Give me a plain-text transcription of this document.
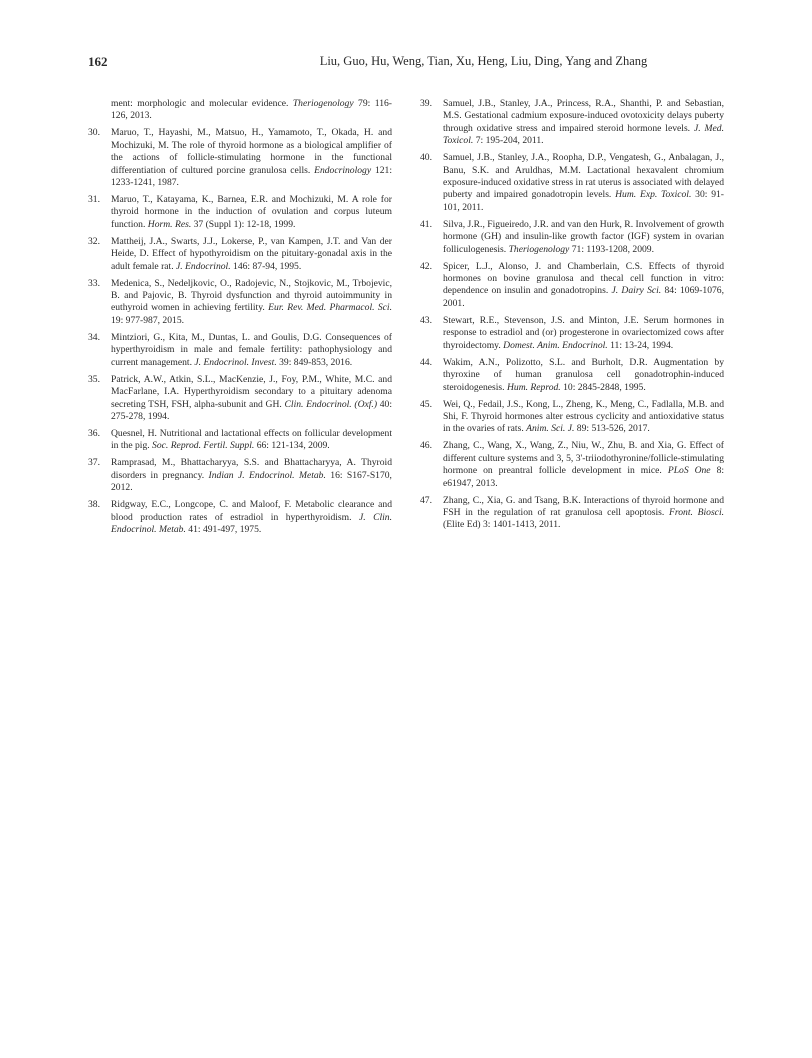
162	Liu, Guo, Hu, Weng, Tian, Xu, Heng, Liu, Ding, Yang and Zhang
ment: morphologic and molecular evidence. Theriogenology 79: 116-126, 2013.
30. Maruo, T., Hayashi, M., Matsuo, H., Yamamoto, T., Okada, H. and Mochizuki, M. The role of thyroid hormone as a biological amplifier of the actions of follicle-stimulating hormone in the functional differentiation of cultured porcine granulosa cells. Endocrinology 121: 1233-1241, 1987.
31. Maruo, T., Katayama, K., Barnea, E.R. and Mochizuki, M. A role for thyroid hormone in the induction of ovulation and corpus luteum function. Horm. Res. 37 (Suppl 1): 12-18, 1999.
32. Mattheij, J.A., Swarts, J.J., Lokerse, P., van Kampen, J.T. and Van der Heide, D. Effect of hypothyroidism on the pituitary-gonadal axis in the adult female rat. J. Endocrinol. 146: 87-94, 1995.
33. Medenica, S., Nedeljkovic, O., Radojevic, N., Stojkovic, M., Trbojevic, B. and Pajovic, B. Thyroid dysfunction and thyroid autoimmunity in euthyroid women in achieving fertility. Eur. Rev. Med. Pharmacol. Sci. 19: 977-987, 2015.
34. Mintziori, G., Kita, M., Duntas, L. and Goulis, D.G. Consequences of hyperthyroidism in male and female fertility: pathophysiology and current management. J. Endocrinol. Invest. 39: 849-853, 2016.
35. Patrick, A.W., Atkin, S.L., MacKenzie, J., Foy, P.M., White, M.C. and MacFarlane, I.A. Hyperthyroidism secondary to a pituitary adenoma secreting TSH, FSH, alpha-subunit and GH. Clin. Endocrinol. (Oxf.) 40: 275-278, 1994.
36. Quesnel, H. Nutritional and lactational effects on follicular development in the pig. Soc. Reprod. Fertil. Suppl. 66: 121-134, 2009.
37. Ramprasad, M., Bhattacharyya, S.S. and Bhattacharyya, A. Thyroid disorders in pregnancy. Indian J. Endocrinol. Metab. 16: S167-S170, 2012.
38. Ridgway, E.C., Longcope, C. and Maloof, F. Metabolic clearance and blood production rates of estradiol in hyperthyroidism. J. Clin. Endocrinol. Metab. 41: 491-497, 1975.
39. Samuel, J.B., Stanley, J.A., Princess, R.A., Shanthi, P. and Sebastian, M.S. Gestational cadmium exposure-induced ovotoxicity delays puberty through oxidative stress and impaired steroid hormone levels. J. Med. Toxicol. 7: 195-204, 2011.
40. Samuel, J.B., Stanley, J.A., Roopha, D.P., Vengatesh, G., Anbalagan, J., Banu, S.K. and Aruldhas, M.M. Lactational hexavalent chromium exposure-induced oxidative stress in rat uterus is associated with delayed puberty and impaired gonadotropin levels. Hum. Exp. Toxicol. 30: 91-101, 2011.
41. Silva, J.R., Figueiredo, J.R. and van den Hurk, R. Involvement of growth hormone (GH) and insulin-like growth factor (IGF) system in ovarian folliculogenesis. Theriogenology 71: 1193-1208, 2009.
42. Spicer, L.J., Alonso, J. and Chamberlain, C.S. Effects of thyroid hormones on bovine granulosa and thecal cell function in vitro: dependence on insulin and gonadotropins. J. Dairy Sci. 84: 1069-1076, 2001.
43. Stewart, R.E., Stevenson, J.S. and Minton, J.E. Serum hormones in response to estradiol and (or) progesterone in ovariectomized cows after thyroidectomy. Domest. Anim. Endocrinol. 11: 13-24, 1994.
44. Wakim, A.N., Polizotto, S.L. and Burholt, D.R. Augmentation by thyroxine of human granulosa cell gonadotrophin-induced steroidogenesis. Hum. Reprod. 10: 2845-2848, 1995.
45. Wei, Q., Fedail, J.S., Kong, L., Zheng, K., Meng, C., Fadlalla, M.B. and Shi, F. Thyroid hormones alter estrous cyclicity and antioxidative status in the ovaries of rats. Anim. Sci. J. 89: 513-526, 2017.
46. Zhang, C., Wang, X., Wang, Z., Niu, W., Zhu, B. and Xia, G. Effect of different culture systems and 3, 5, 3'-triiodothyronine/follicle-stimulating hormone on preantral follicle development in mice. PLoS One 8: e61947, 2013.
47. Zhang, C., Xia, G. and Tsang, B.K. Interactions of thyroid hormone and FSH in the regulation of rat granulosa cell apoptosis. Front. Biosci. (Elite Ed) 3: 1401-1413, 2011.
